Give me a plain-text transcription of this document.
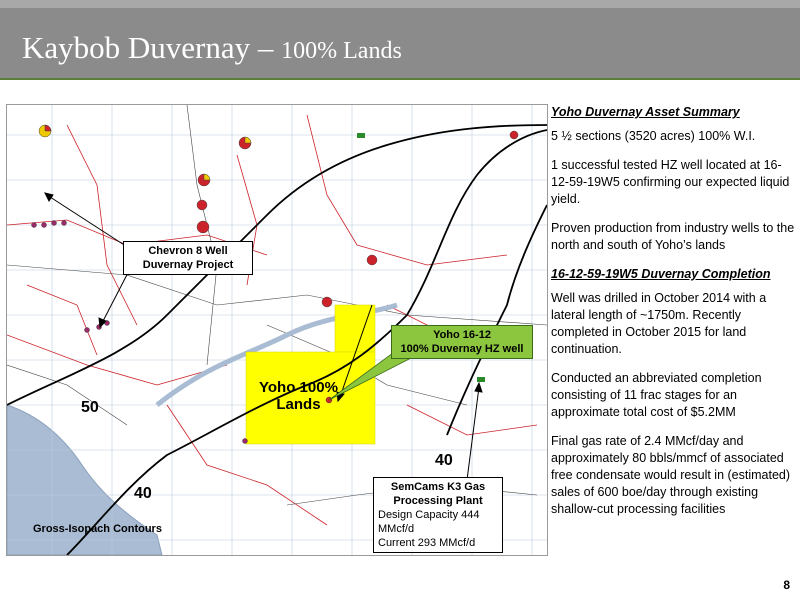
Kaybob Duvernay – 100% Lands
Yoho 100%
Lands
Chevron 8 Well
Duvernay Project
Yoho 16-12
100% Duvernay HZ well
SemCams K3 Gas
Processing Plant
Design Capacity 444 MMcf/d
Current 293 MMcf/d
50
40
40
Gross-Isopach Contours
Yoho Duvernay Asset Summary

5 ½ sections (3520 acres) 100% W.I.

1 successful tested HZ well located at 16-12-59-19W5 confirming our expected liquid yield.

Proven production from industry wells to the north and south of Yoho’s lands

16-12-59-19W5 Duvernay Completion

Well was drilled in October 2014 with a lateral length of ~1750m. Recently completed in October 2015 for land continuation.

Conducted an abbreviated completion consisting of 11 frac stages for an approximate total cost of $5.2MM

Final gas rate of 2.4 MMcf/day and approximately 80 bbls/mmcf of associated free condensate would result in (estimated) sales of 600 boe/day through existing shallow-cut processing facilities

8
